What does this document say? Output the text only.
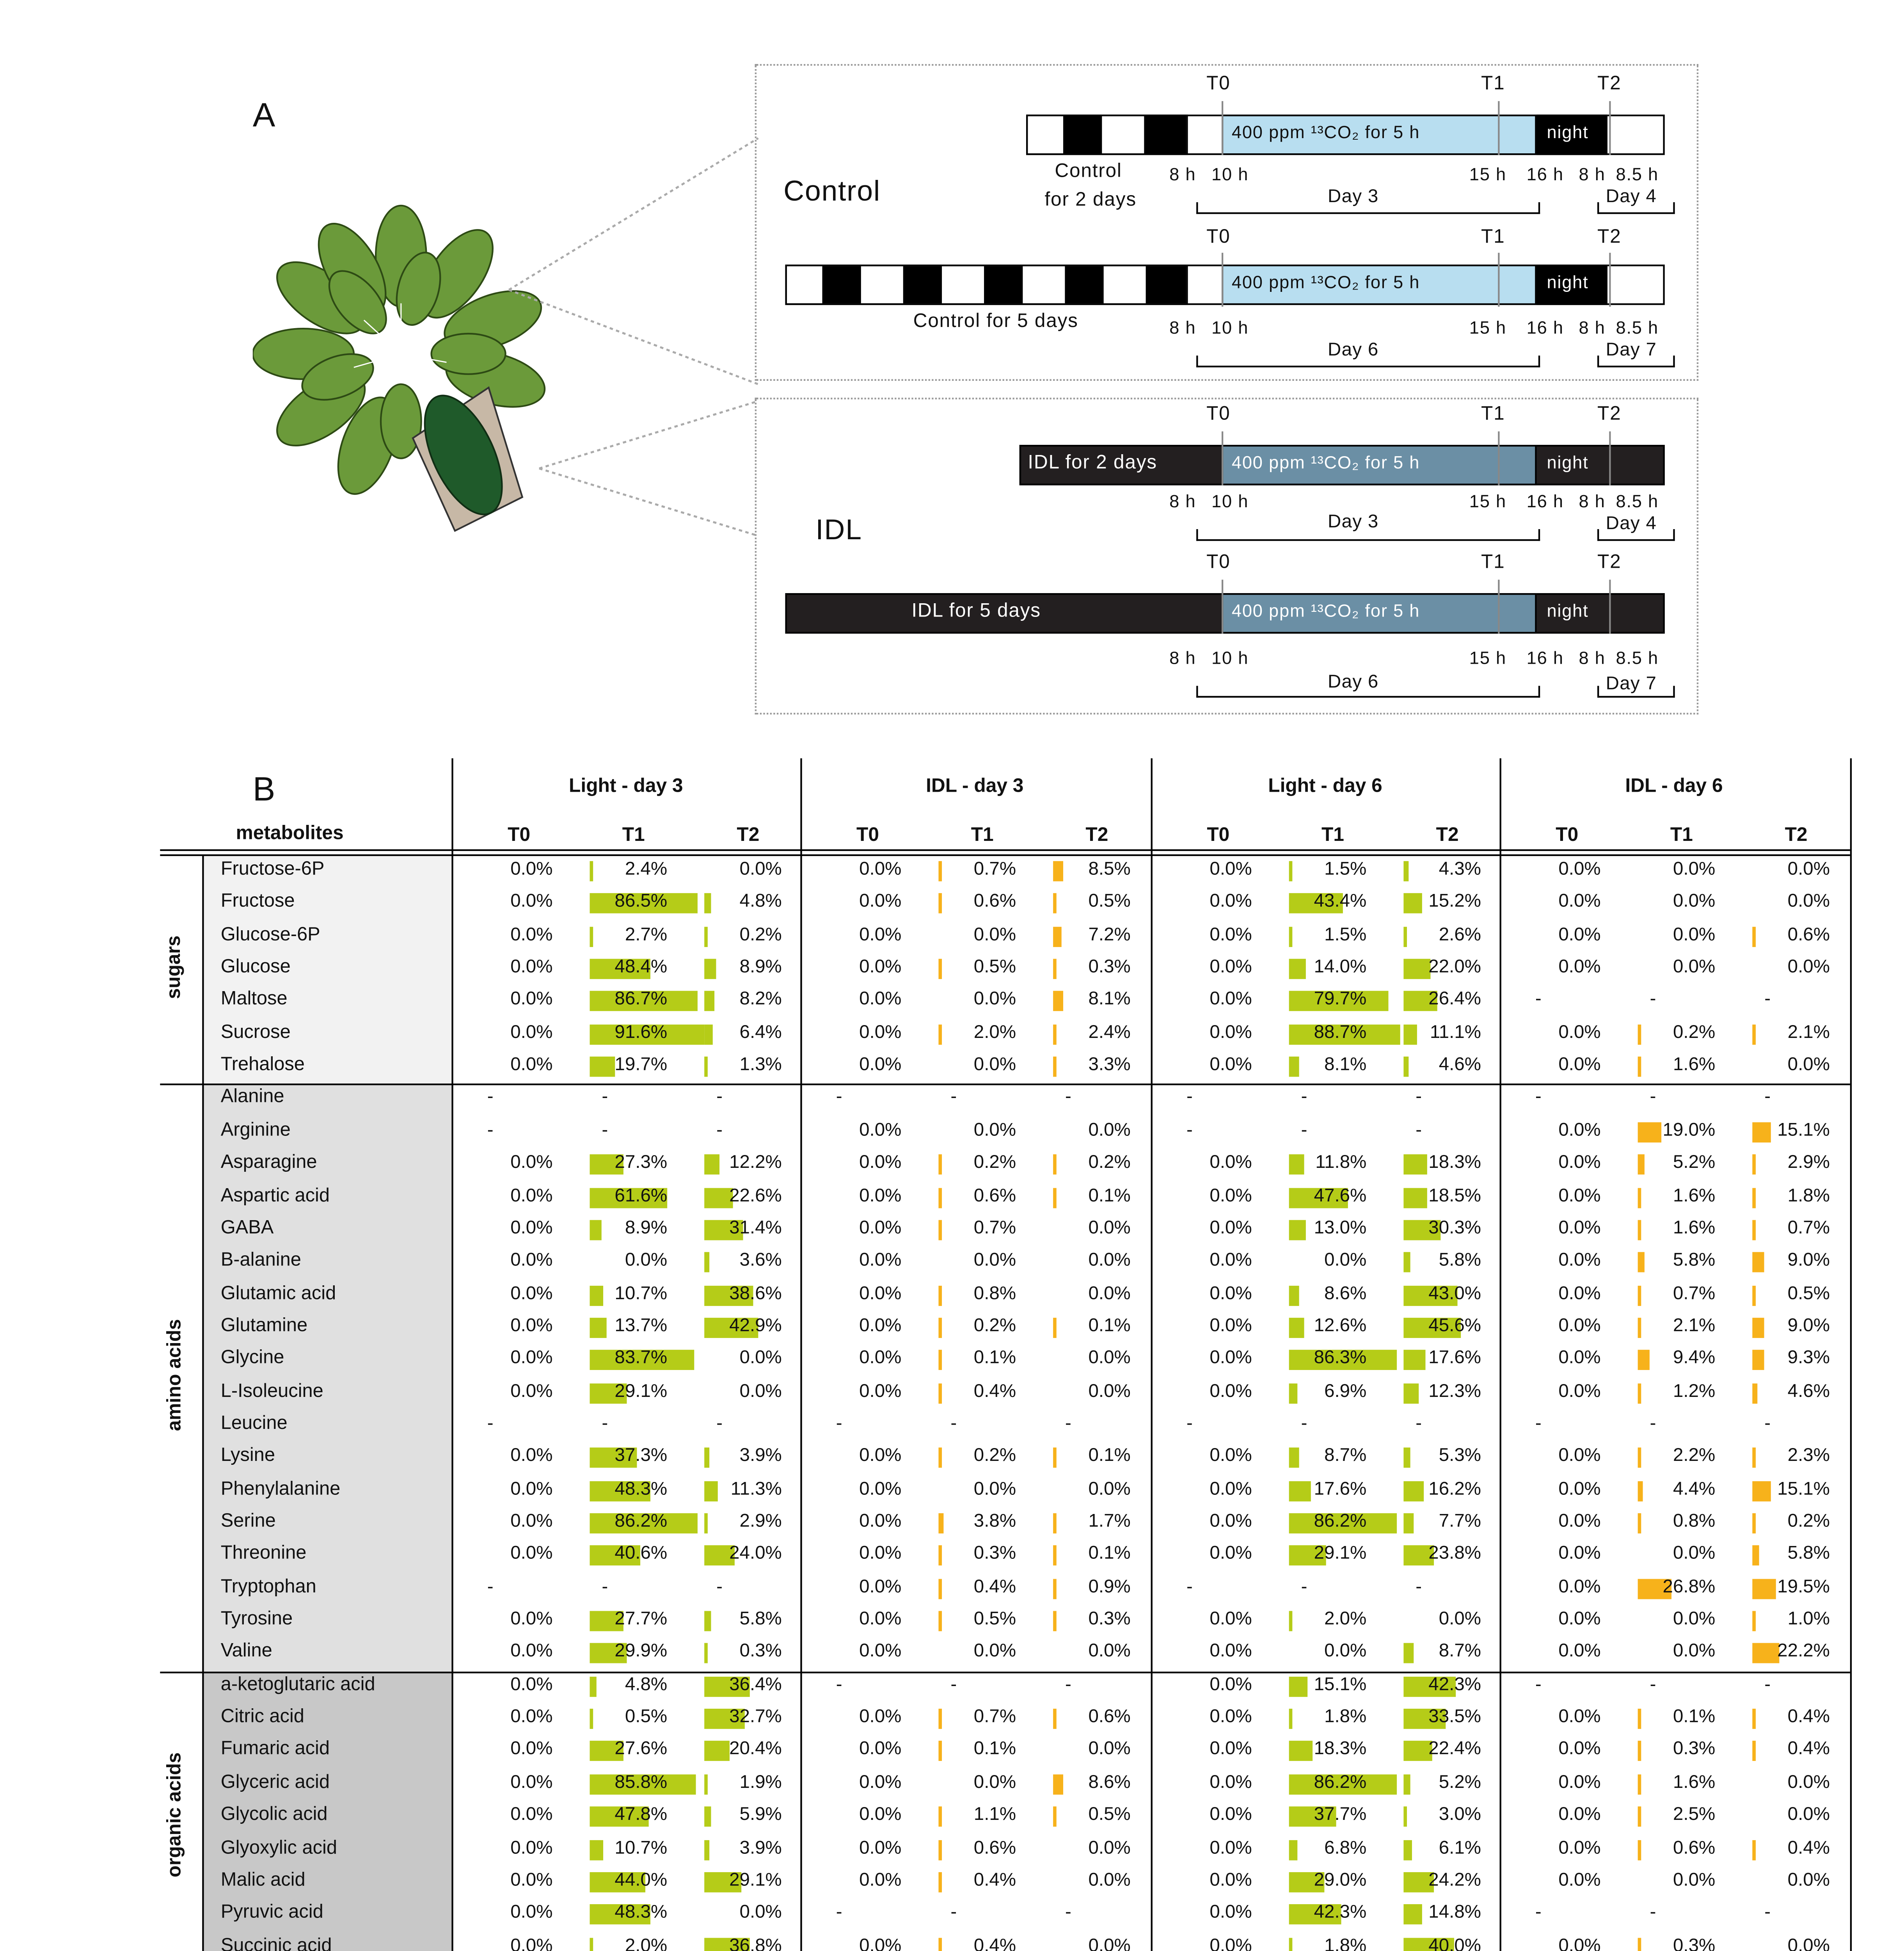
A
Control
IDL
400 ppm ¹³CO₂ for 5 h	night
Control
for 2 days
400 ppm ¹³CO₂ for 5 h	night
Control for 5 days
IDL for 2 days	400 ppm ¹³CO₂ for 5 h	night
IDL for 5 days	400 ppm ¹³CO₂ for 5 h	night
T0	T1	T2
8 h	10 h	15 h	16 h	8 h	8.5 h
Day 3	Day 4
T0	T1	T2
8 h	10 h	15 h	16 h	8 h	8.5 h
Day 6	Day 7
T0	T1	T2
8 h	10 h	15 h	16 h	8 h	8.5 h
Day 3	Day 4
T0	T1	T2
8 h	10 h	15 h	16 h	8 h	8.5 h
Day 6	Day 7
B	Light - day 3
T0	T1	T2
IDL - day 3
T0	T1	T2
Light - day 6
T0	T1	T2
IDL - day 6
T0	T1	T2
metabolites
sugars
amino acids
organic acids
Fructose-6P	0.0%	2.4%	0.0%	0.0%	0.7%	8.5%	0.0%	1.5%	4.3%	0.0%	0.0%	0.0%
Fructose	0.0%	86.5%	4.8%	0.0%	0.6%	0.5%	0.0%	43.4%	15.2%	0.0%	0.0%	0.0%
Glucose-6P	0.0%	2.7%	0.2%	0.0%	0.0%	7.2%	0.0%	1.5%	2.6%	0.0%	0.0%	0.6%
Glucose	0.0%	48.4%	8.9%	0.0%	0.5%	0.3%	0.0%	14.0%	22.0%	0.0%	0.0%	0.0%
Maltose	0.0%	86.7%	8.2%	0.0%	0.0%	8.1%	0.0%	79.7%	26.4%	-	-	-
Sucrose	0.0%	91.6%	6.4%	0.0%	2.0%	2.4%	0.0%	88.7%	11.1%	0.0%	0.2%	2.1%
Trehalose	0.0%	19.7%	1.3%	0.0%	0.0%	3.3%	0.0%	8.1%	4.6%	0.0%	1.6%	0.0%
Alanine	-	-	-	-	-	-	-	-	-	-	-	-
Arginine	-	-	-	0.0%	0.0%	0.0%	-	-	-	0.0%	19.0%	15.1%
Asparagine	0.0%	27.3%	12.2%	0.0%	0.2%	0.2%	0.0%	11.8%	18.3%	0.0%	5.2%	2.9%
Aspartic acid	0.0%	61.6%	22.6%	0.0%	0.6%	0.1%	0.0%	47.6%	18.5%	0.0%	1.6%	1.8%
GABA	0.0%	8.9%	31.4%	0.0%	0.7%	0.0%	0.0%	13.0%	30.3%	0.0%	1.6%	0.7%
B-alanine	0.0%	0.0%	3.6%	0.0%	0.0%	0.0%	0.0%	0.0%	5.8%	0.0%	5.8%	9.0%
Glutamic acid	0.0%	10.7%	38.6%	0.0%	0.8%	0.0%	0.0%	8.6%	43.0%	0.0%	0.7%	0.5%
Glutamine	0.0%	13.7%	42.9%	0.0%	0.2%	0.1%	0.0%	12.6%	45.6%	0.0%	2.1%	9.0%
Glycine	0.0%	83.7%	0.0%	0.0%	0.1%	0.0%	0.0%	86.3%	17.6%	0.0%	9.4%	9.3%
L-Isoleucine	0.0%	29.1%	0.0%	0.0%	0.4%	0.0%	0.0%	6.9%	12.3%	0.0%	1.2%	4.6%
Leucine	-	-	-	-	-	-	-	-	-	-	-	-
Lysine	0.0%	37.3%	3.9%	0.0%	0.2%	0.1%	0.0%	8.7%	5.3%	0.0%	2.2%	2.3%
Phenylalanine	0.0%	48.3%	11.3%	0.0%	0.0%	0.0%	0.0%	17.6%	16.2%	0.0%	4.4%	15.1%
Serine	0.0%	86.2%	2.9%	0.0%	3.8%	1.7%	0.0%	86.2%	7.7%	0.0%	0.8%	0.2%
Threonine	0.0%	40.6%	24.0%	0.0%	0.3%	0.1%	0.0%	29.1%	23.8%	0.0%	0.0%	5.8%
Tryptophan	-	-	-	0.0%	0.4%	0.9%	-	-	-	0.0%	26.8%	19.5%
Tyrosine	0.0%	27.7%	5.8%	0.0%	0.5%	0.3%	0.0%	2.0%	0.0%	0.0%	0.0%	1.0%
Valine	0.0%	29.9%	0.3%	0.0%	0.0%	0.0%	0.0%	0.0%	8.7%	0.0%	0.0%	22.2%
a-ketoglutaric acid	0.0%	4.8%	36.4%	-	-	-	0.0%	15.1%	42.3%	-	-	-
Citric acid	0.0%	0.5%	32.7%	0.0%	0.7%	0.6%	0.0%	1.8%	33.5%	0.0%	0.1%	0.4%
Fumaric acid	0.0%	27.6%	20.4%	0.0%	0.1%	0.0%	0.0%	18.3%	22.4%	0.0%	0.3%	0.4%
Glyceric acid	0.0%	85.8%	1.9%	0.0%	0.0%	8.6%	0.0%	86.2%	5.2%	0.0%	1.6%	0.0%
Glycolic acid	0.0%	47.8%	5.9%	0.0%	1.1%	0.5%	0.0%	37.7%	3.0%	0.0%	2.5%	0.0%
Glyoxylic acid	0.0%	10.7%	3.9%	0.0%	0.6%	0.0%	0.0%	6.8%	6.1%	0.0%	0.6%	0.4%
Malic acid	0.0%	44.0%	29.1%	0.0%	0.4%	0.0%	0.0%	29.0%	24.2%	0.0%	0.0%	0.0%
Pyruvic acid	0.0%	48.3%	0.0%	-	-	-	0.0%	42.3%	14.8%	-	-	-
Succinic acid	0.0%	2.0%	36.8%	0.0%	0.4%	0.0%	0.0%	1.8%	40.0%	0.0%	0.3%	0.0%
